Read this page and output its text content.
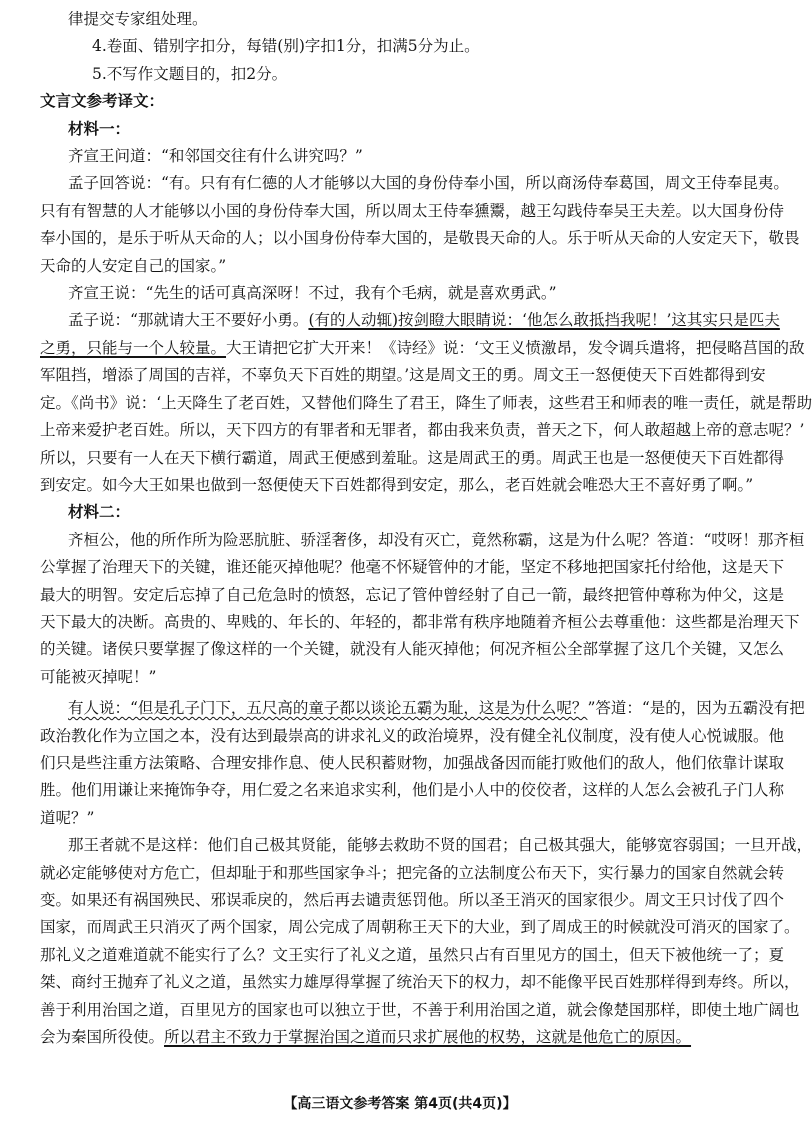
律提交专家组处理。
4.卷面、错别字扣分，每错(别)字扣1分，扣满5分为止。
5.不写作文题目的，扣2分。
文言文参考译文：
材料一：
齐宣王问道：“和邻国交往有什么讲究吗？”
孟子回答说：“有。只有有仁德的人才能够以大国的身份侍奉小国，所以商汤侍奉葛国，周文王侍奉昆夷。
只有有智慧的人才能够以小国的身份侍奉大国，所以周太王侍奉獯鬻，越王勾践侍奉吴王夫差。以大国身份侍
奉小国的，是乐于听从天命的人；以小国身份侍奉大国的，是敬畏天命的人。乐于听从天命的人安定天下，敬畏
天命的人安定自己的国家。”
齐宣王说：“先生的话可真高深呀！不过，我有个毛病，就是喜欢勇武。”
孟子说：“那就请大王不要好小勇。(有的人动辄)按剑瞪大眼睛说：‘他怎么敢抵挡我呢！’这其实只是匹夫
之勇，只能与一个人较量。大王请把它扩大开来！《诗经》说：‘文王义愤激昂，发令调兵遣将，把侵略莒国的敌
军阻挡，增添了周国的吉祥，不辜负天下百姓的期望。’这是周文王的勇。周文王一怒便使天下百姓都得到安
定。《尚书》说：‘上天降生了老百姓，又替他们降生了君王，降生了师表，这些君王和师表的唯一责任，就是帮助
上帝来爱护老百姓。所以，天下四方的有罪者和无罪者，都由我来负责，普天之下，何人敢超越上帝的意志呢？’
所以，只要有一人在天下横行霸道，周武王便感到羞耻。这是周武王的勇。周武王也是一怒便使天下百姓都得
到安定。如今大王如果也做到一怒便使天下百姓都得到安定，那么，老百姓就会唯恐大王不喜好勇了啊。”
材料二：
齐桓公，他的所作所为险恶肮脏、骄淫奢侈，却没有灭亡，竟然称霸，这是为什么呢？答道：“哎呀！那齐桓
公掌握了治理天下的关键，谁还能灭掉他呢？他毫不怀疑管仲的才能，坚定不移地把国家托付给他，这是天下
最大的明智。安定后忘掉了自己危急时的愤怒，忘记了管仲曾经射了自己一箭，最终把管仲尊称为仲父，这是
天下最大的决断。高贵的、卑贱的、年长的、年轻的，都非常有秩序地随着齐桓公去尊重他：这些都是治理天下
的关键。诸侯只要掌握了像这样的一个关键，就没有人能灭掉他；何况齐桓公全部掌握了这几个关键，又怎么
可能被灭掉呢！”
有人说：“但是孔子门下，五尺高的童子都以谈论五霸为耻，这是为什么呢？”答道：“是的，因为五霸没有把
政治教化作为立国之本，没有达到最崇高的讲求礼义的政治境界，没有健全礼仪制度，没有使人心悦诚服。他
们只是些注重方法策略、合理安排作息、使人民积蓄财物，加强战备因而能打败他们的敌人，他们依靠计谋取
胜。他们用谦让来掩饰争夺，用仁爱之名来追求实利，他们是小人中的佼佼者，这样的人怎么会被孔子门人称
道呢？”
那王者就不是这样：他们自己极其贤能，能够去救助不贤的国君；自己极其强大，能够宽容弱国；一旦开战，
就必定能够使对方危亡，但却耻于和那些国家争斗；把完备的立法制度公布天下，实行暴力的国家自然就会转
变。如果还有祸国殃民、邪误乖戾的，然后再去谴责惩罚他。所以圣王消灭的国家很少。周文王只讨伐了四个
国家，而周武王只消灭了两个国家，周公完成了周朝称王天下的大业，到了周成王的时候就没可消灭的国家了。
那礼义之道难道就不能实行了么？文王实行了礼义之道，虽然只占有百里见方的国土，但天下被他统一了；夏
桀、商纣王抛弃了礼义之道，虽然实力雄厚得掌握了统治天下的权力，却不能像平民百姓那样得到寿终。所以，
善于利用治国之道，百里见方的国家也可以独立于世，不善于利用治国之道，就会像楚国那样，即使土地广阔也
会为秦国所役使。所以君主不致力于掌握治国之道而只求扩展他的权势，这就是他危亡的原因。
【高三语文参考答案 第4页(共4页)】
